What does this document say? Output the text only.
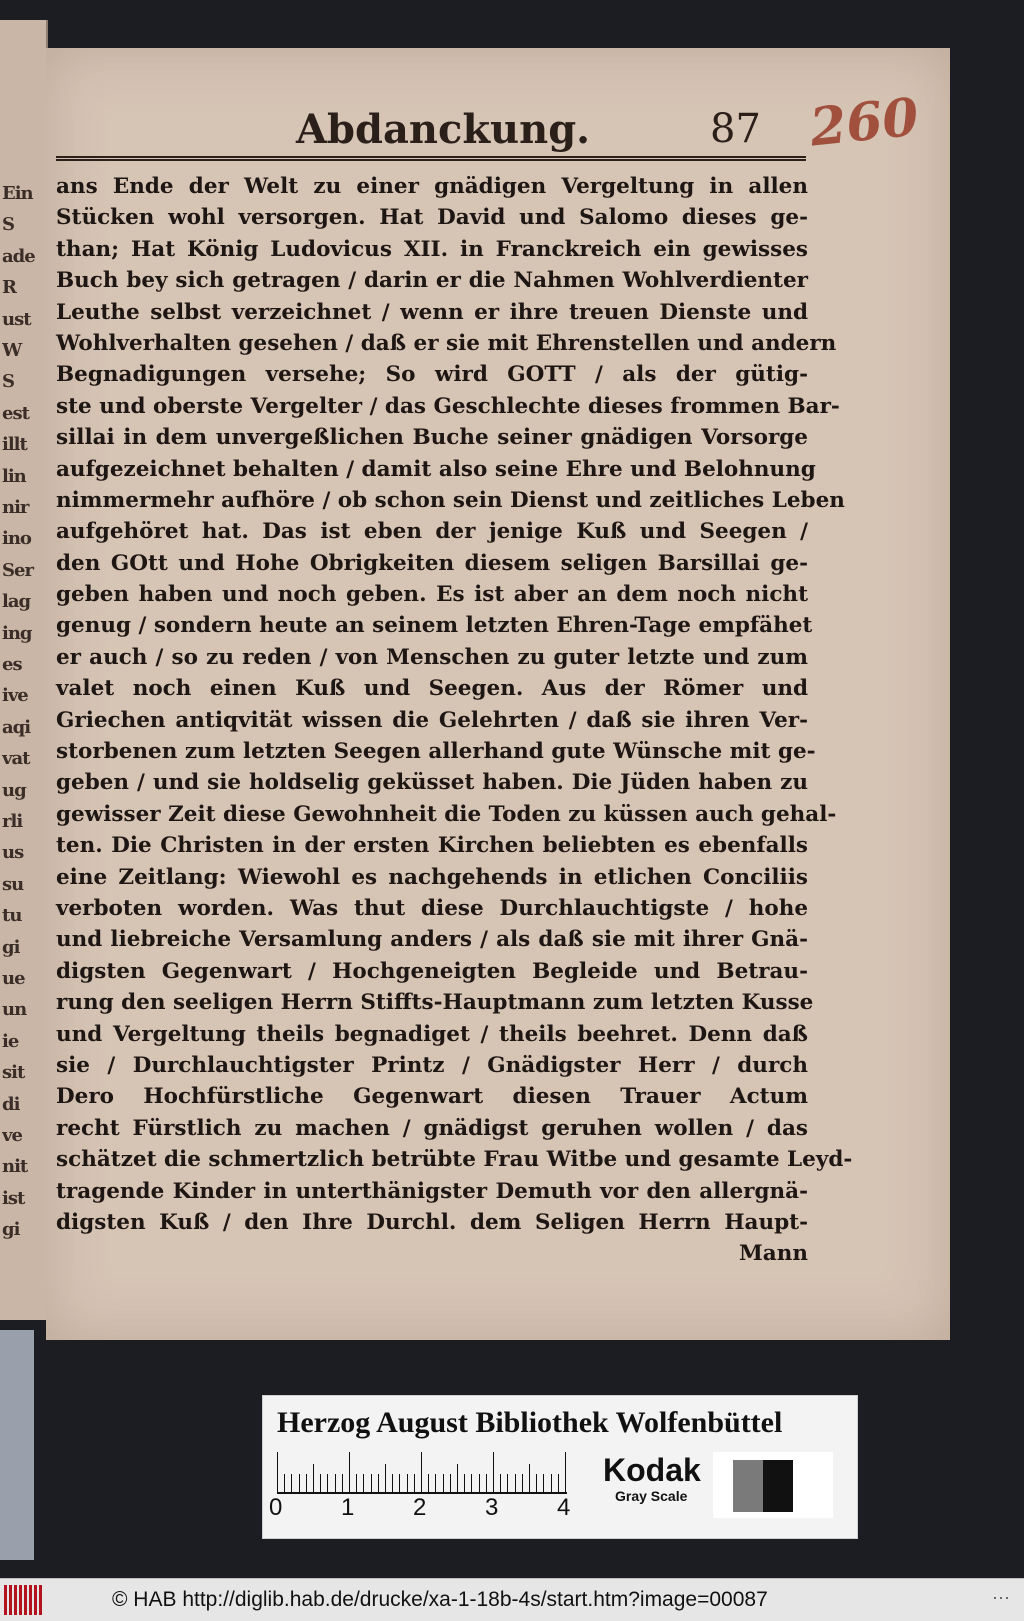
Ein
S
ade
R
ust
W
S
est
illt
lin
nir
ino
Ser
lag
ing
es
ive
aqi
vat
ug
rli
us
su
tu
gi
ue
un
ie
sit
di
ve
nit
ist
gi
Abdanckung.	87 260
ans Ende der Welt zu einer gnädigen Vergeltung in allen
Stücken wohl versorgen. Hat David und Salomo dieses ge-
than; Hat König Ludovicus XII. in Franckreich ein gewisses
Buch bey sich getragen / darin er die Nahmen Wohlverdienter
Leuthe selbst verzeichnet / wenn er ihre treuen Dienste und
Wohlverhalten gesehen / daß er sie mit Ehrenstellen und andern
Begnadigungen versehe; So wird GOTT / als der gütig-
ste und oberste Vergelter / das Geschlechte dieses frommen Bar-
sillai in dem unvergeßlichen Buche seiner gnädigen Vorsorge
aufgezeichnet behalten / damit also seine Ehre und Belohnung
nimmermehr aufhöre / ob schon sein Dienst und zeitliches Leben
aufgehöret hat. Das ist eben der jenige Kuß und Seegen /
den GOtt und Hohe Obrigkeiten diesem seligen Barsillai ge-
geben haben und noch geben. Es ist aber an dem noch nicht
genug / sondern heute an seinem letzten Ehren-Tage empfähet
er auch / so zu reden / von Menschen zu guter letzte und zum
valet noch einen Kuß und Seegen. Aus der Römer und
Griechen antiqvität wissen die Gelehrten / daß sie ihren Ver-
storbenen zum letzten Seegen allerhand gute Wünsche mit ge-
geben / und sie holdselig geküsset haben. Die Jüden haben zu
gewisser Zeit diese Gewohnheit die Toden zu küssen auch gehal-
ten. Die Christen in der ersten Kirchen beliebten es ebenfalls
eine Zeitlang: Wiewohl es nachgehends in etlichen Conciliis
verboten worden. Was thut diese Durchlauchtigste / hohe
und liebreiche Versamlung anders / als daß sie mit ihrer Gnä-
digsten Gegenwart / Hochgeneigten Begleide und Betrau-
rung den seeligen Herrn Stiffts-Hauptmann zum letzten Kusse
und Vergeltung theils begnadiget / theils beehret. Denn daß
sie / Durchlauchtigster Printz / Gnädigster Herr / durch
Dero Hochfürstliche Gegenwart diesen Trauer Actum
recht Fürstlich zu machen / gnädigst geruhen wollen / das
schätzet die schmertzlich betrübte Frau Witbe und gesamte Leyd-
tragende Kinder in unterthänigster Demuth vor den allergnä-
digsten Kuß / den Ihre Durchl. dem Seligen Herrn Haupt-
Mann
Herzog August Bibliothek Wolfenbüttel
0 1 2 3 4
Kodak
Gray Scale
© HAB http://diglib.hab.de/drucke/xa-1-18b-4s/start.htm?image=00087	···
